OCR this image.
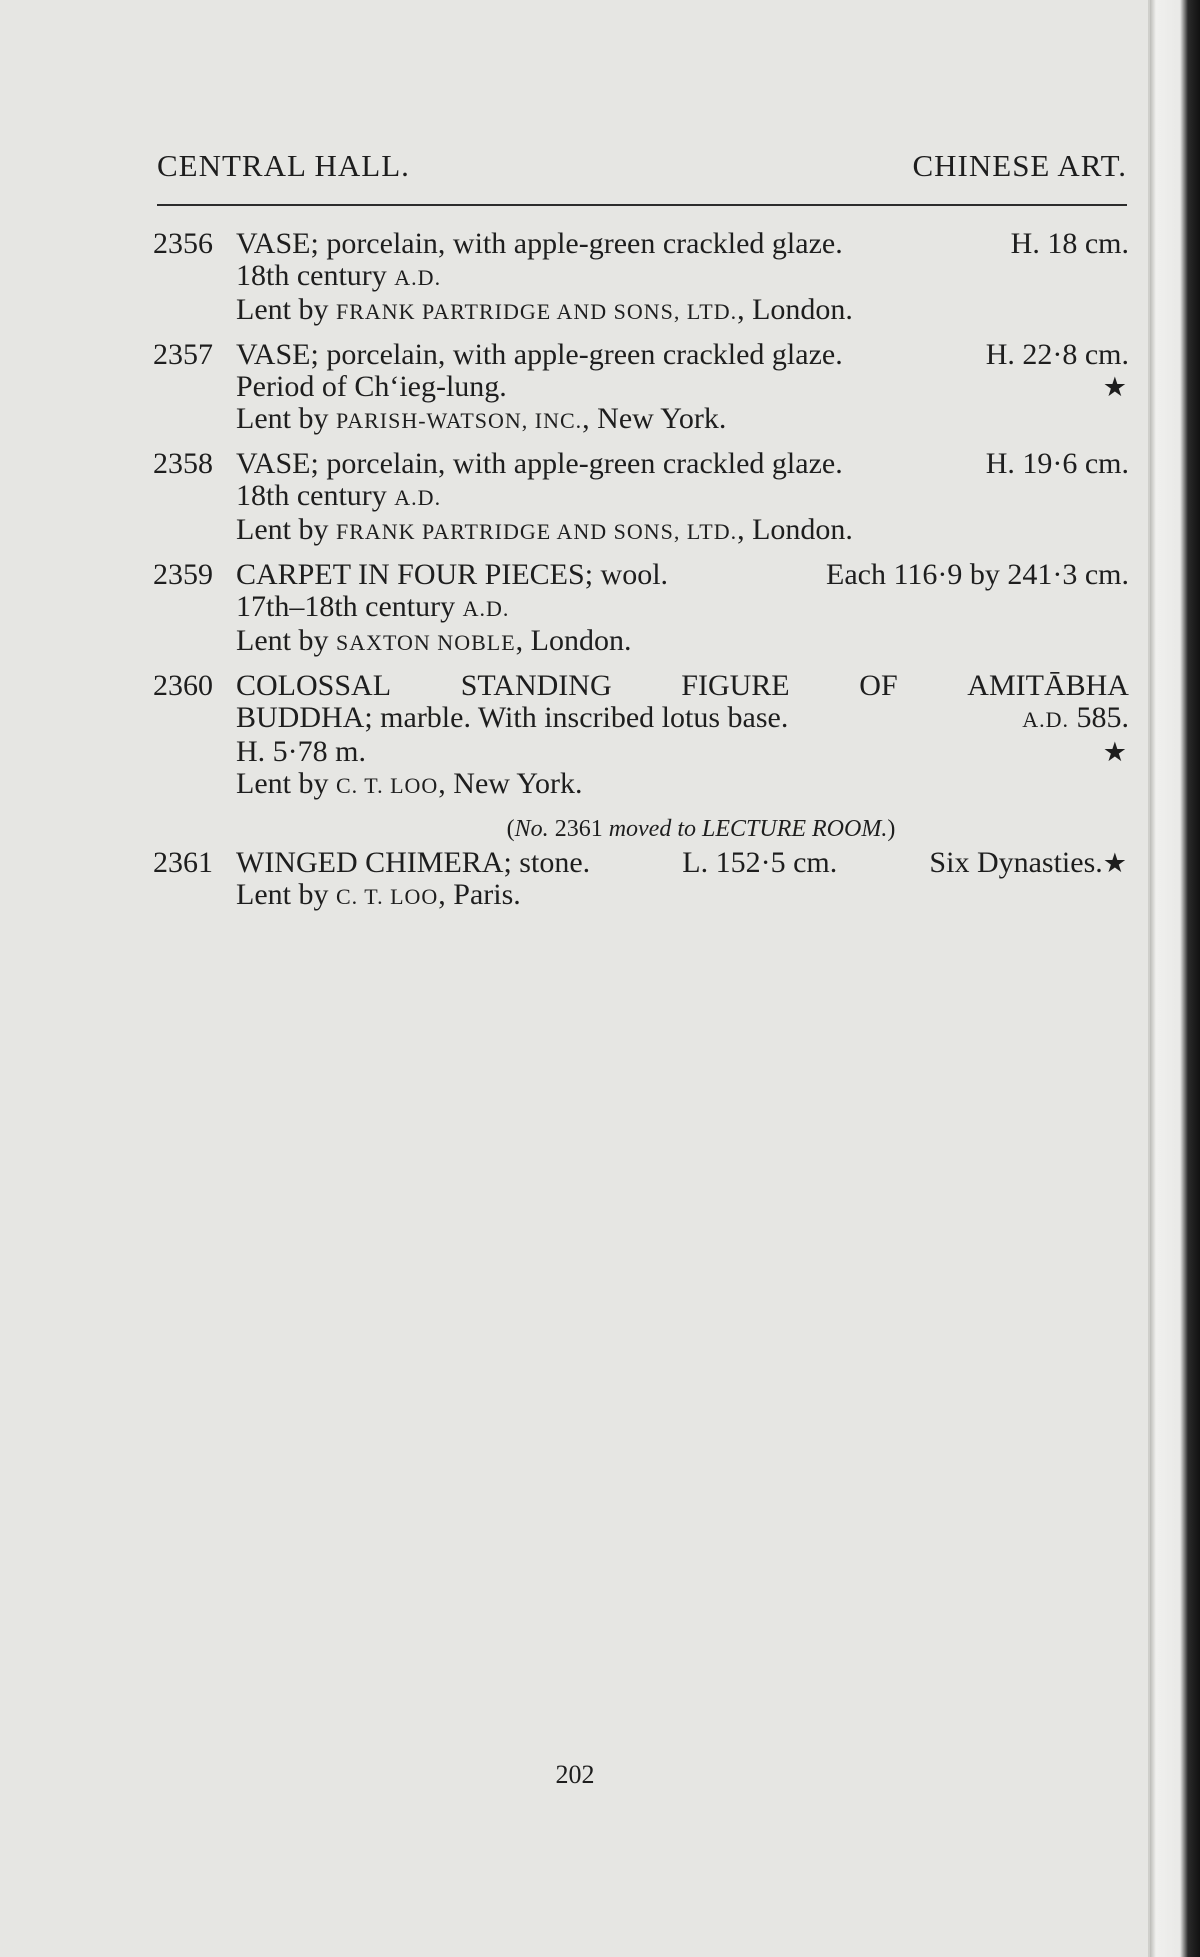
CENTRAL HALL.	CHINESE ART.
2356 VASE; porcelain, with apple-green crackled glaze.	H. 18 cm.
18th century A.D.
Lent by FRANK PARTRIDGE AND SONS, LTD., London.
2357 VASE; porcelain, with apple-green crackled glaze.	H. 22·8 cm.
Period of Ch‘ieg-lung.	★
Lent by PARISH-WATSON, INC., New York.
2358 VASE; porcelain, with apple-green crackled glaze.	H. 19·6 cm.
18th century A.D.
Lent by FRANK PARTRIDGE AND SONS, LTD., London.
2359 CARPET IN FOUR PIECES; wool.	Each 116·9 by 241·3 cm.
17th–18th century A.D.
Lent by SAXTON NOBLE, London.
2360 COLOSSAL STANDING FIGURE OF AMITĀBHA
BUDDHA; marble. With inscribed lotus base.	A.D. 585.
H. 5·78 m.	★
Lent by C. T. LOO, New York.
(No. 2361 moved to LECTURE ROOM.)
2361 WINGED CHIMERA; stone.	L. 152·5 cm.	Six Dynasties.★
Lent by C. T. LOO, Paris.
202
